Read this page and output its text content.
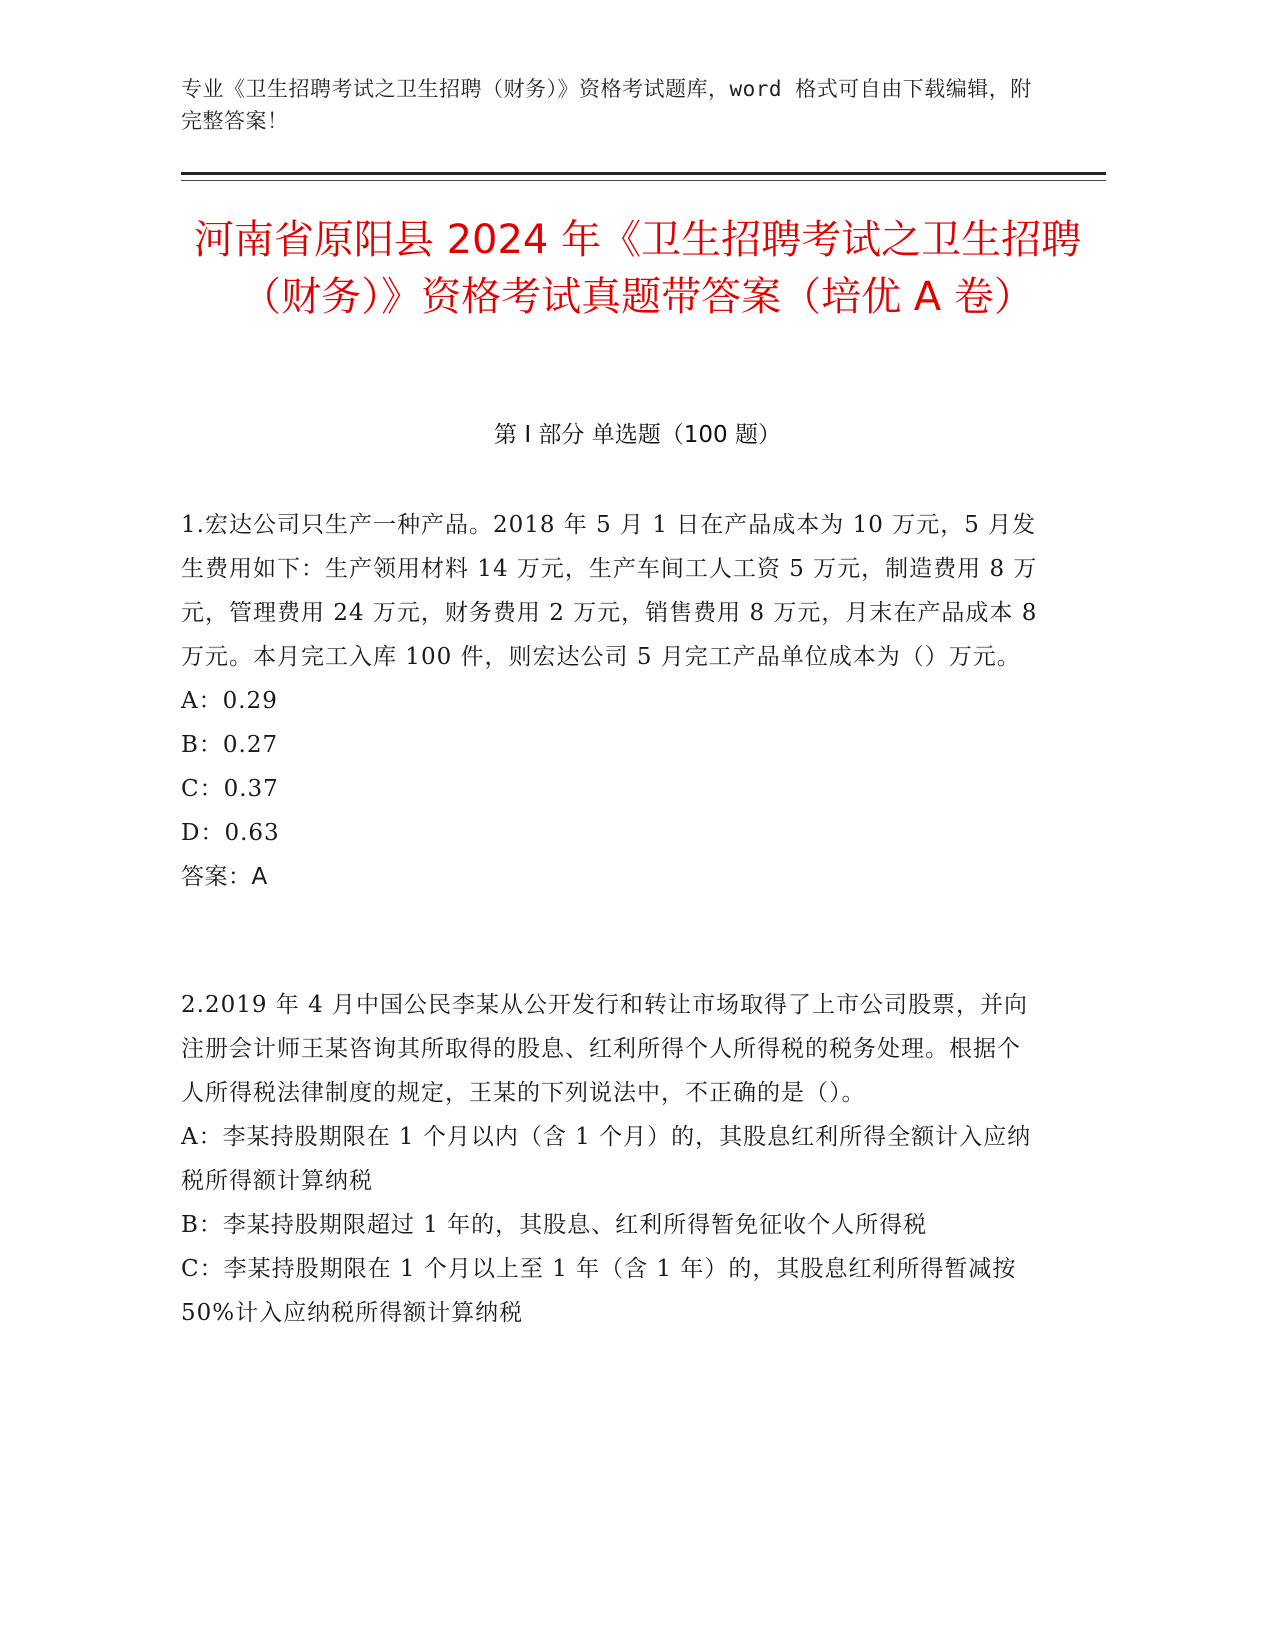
专业《卫生招聘考试之卫生招聘（财务）》资格考试题库，word 格式可自由下载编辑，附完整答案！
河南省原阳县 2024 年《卫生招聘考试之卫生招聘（财务）》资格考试真题带答案（培优 A 卷）
第 I 部分 单选题（100 题）

1.宏达公司只生产一种产品。2018 年 5 月 1 日在产品成本为 10 万元，5 月发生费用如下：生产领用材料 14 万元，生产车间工人工资 5 万元，制造费用 8 万元，管理费用 24 万元，财务费用 2 万元，销售费用 8 万元，月末在产品成本 8 万元。本月完工入库 100 件，则宏达公司 5 月完工产品单位成本为（）万元。

A：0.29

B：0.27

C：0.37

D：0.63

答案：A

2.2019 年 4 月中国公民李某从公开发行和转让市场取得了上市公司股票，并向注册会计师王某咨询其所取得的股息、红利所得个人所得税的税务处理。根据个人所得税法律制度的规定，王某的下列说法中，不正确的是（）。

A：李某持股期限在 1 个月以内（含 1 个月）的，其股息红利所得全额计入应纳税所得额计算纳税

B：李某持股期限超过 1 年的，其股息、红利所得暂免征收个人所得税

C：李某持股期限在 1 个月以上至 1 年（含 1 年）的，其股息红利所得暂减按 50%计入应纳税所得额计算纳税
